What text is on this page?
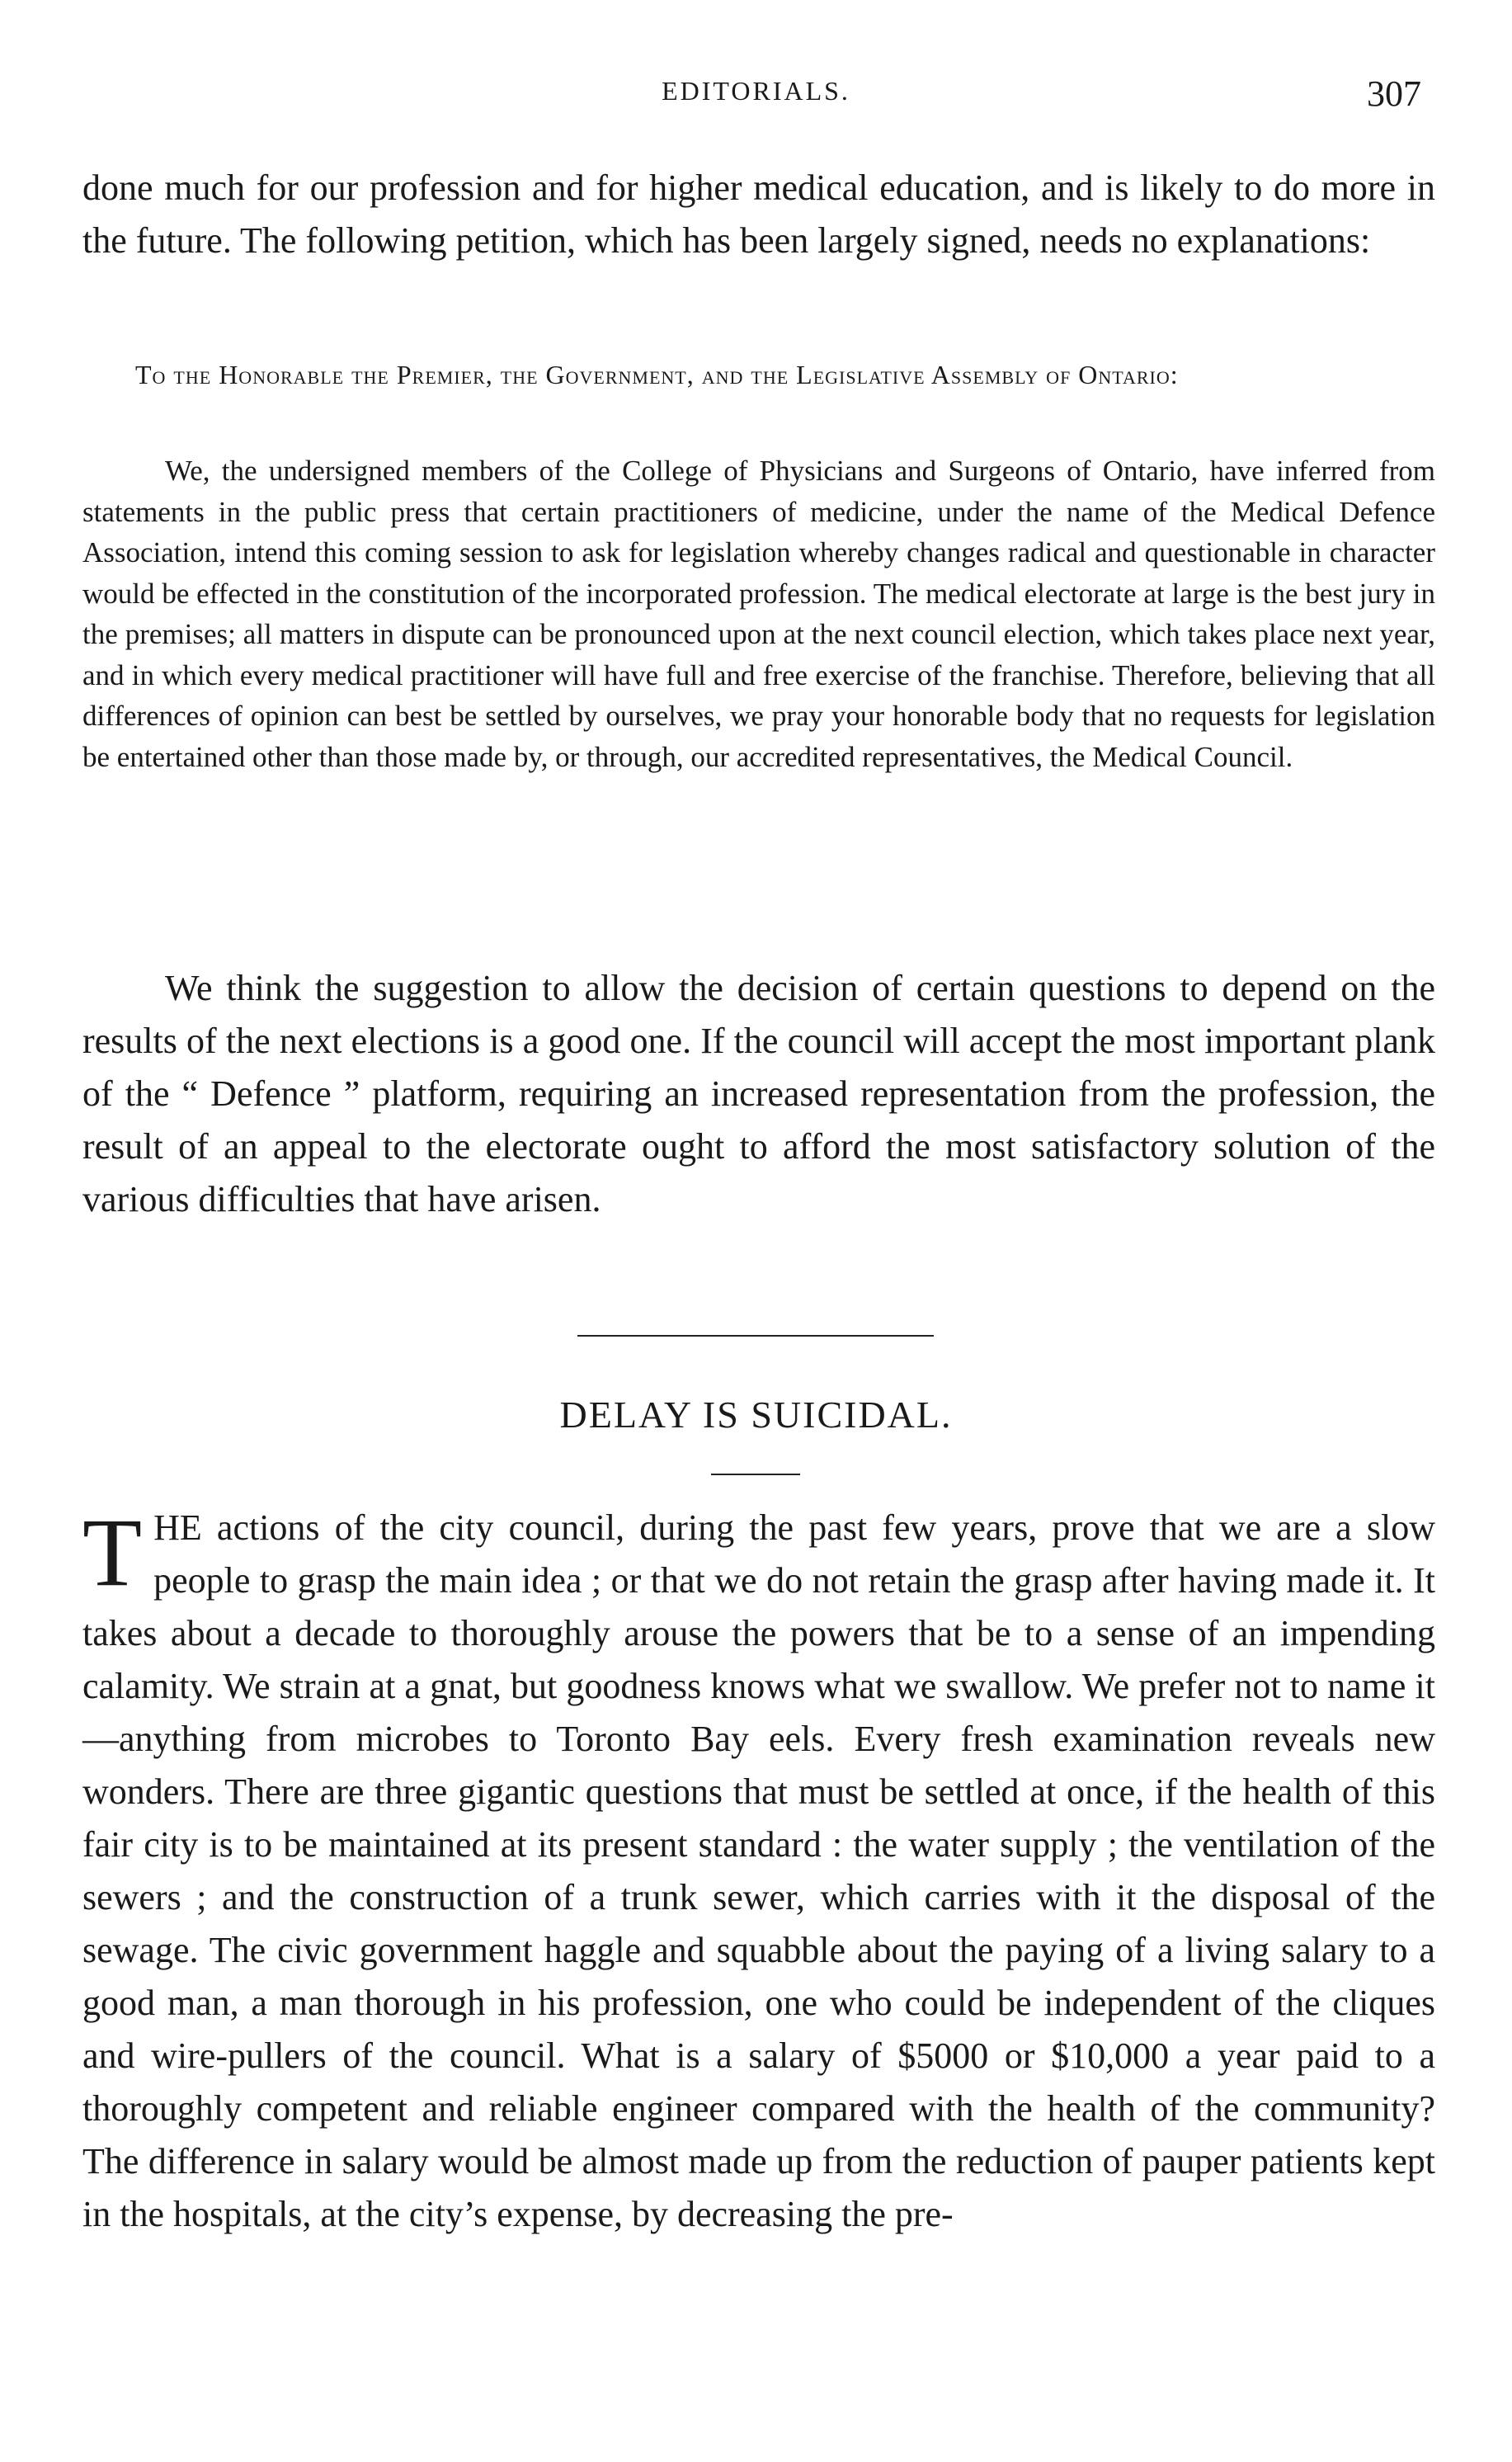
EDITORIALS.	307

done much for our profession and for higher medical education, and is likely to do more in the future. The following petition, which has been largely signed, needs no explanations:

To the Honorable the Premier, the Government, and the Legislative Assembly of Ontario:

We, the undersigned members of the College of Physicians and Surgeons of Ontario, have inferred from statements in the public press that certain practitioners of medicine, under the name of the Medical Defence Association, intend this coming session to ask for legislation whereby changes radical and questionable in character would be effected in the constitution of the incorporated profession. The medical electorate at large is the best jury in the premises; all matters in dispute can be pronounced upon at the next council election, which takes place next year, and in which every medical practitioner will have full and free exercise of the franchise. Therefore, believing that all differences of opinion can best be settled by ourselves, we pray your honorable body that no requests for legislation be entertained other than those made by, or through, our accredited representatives, the Medical Council.

We think the suggestion to allow the decision of certain questions to depend on the results of the next elections is a good one. If the council will accept the most important plank of the “ Defence ” platform, requiring an increased representation from the profession, the result of an appeal to the electorate ought to afford the most satisfactory solution of the various difficulties that have arisen.

DELAY IS SUICIDAL.
T HE actions of the city council, during the past few years, prove that we are a slow people to grasp the main idea ; or that we do not retain the grasp after having made it. It takes about a decade to thoroughly arouse the powers that be to a sense of an impending calamity. We strain at a gnat, but goodness knows what we swallow. We prefer not to name it—anything from microbes to Toronto Bay eels. Every fresh examination reveals new wonders. There are three gigantic questions that must be settled at once, if the health of this fair city is to be maintained at its present standard : the water supply ; the ventilation of the sewers ; and the construction of a trunk sewer, which carries with it the disposal of the sewage. The civic government haggle and squabble about the paying of a living salary to a good man, a man thorough in his profession, one who could be independent of the cliques and wire-pullers of the council. What is a salary of $5000 or $10,000 a year paid to a thoroughly competent and reliable engineer compared with the health of the community? The difference in salary would be almost made up from the reduction of pauper patients kept in the hospitals, at the city’s expense, by decreasing the pre-
